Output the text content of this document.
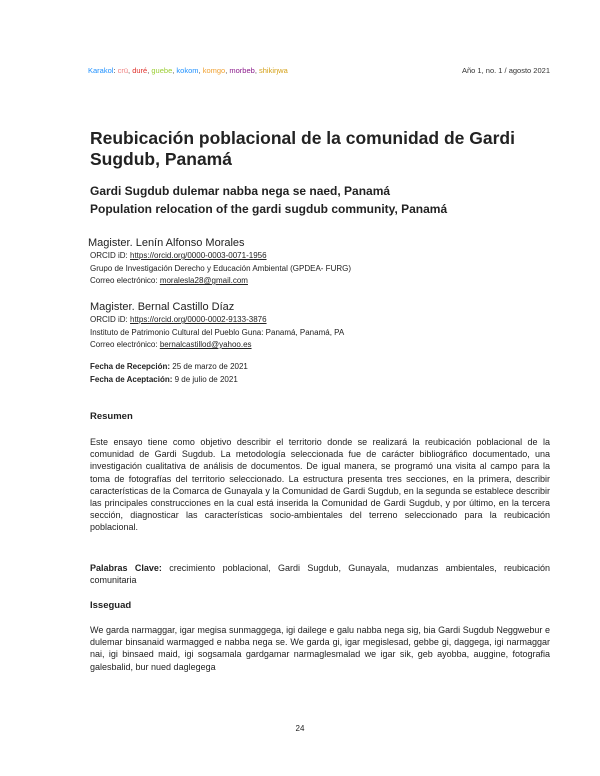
Karakol: crü, duré, guebe, kokom, komgo, morbeb, shikiŋwa	Año 1, no. 1 / agosto 2021
Reubicación poblacional de la comunidad de Gardi Sugdub, Panamá
Gardi Sugdub dulemar nabba nega se naed, Panamá
Population relocation of the gardi sugdub community, Panamá
Magister. Lenín Alfonso Morales
ORCID iD: https://orcid.org/0000-0003-0071-1956
Grupo de Investigación Derecho y Educación Ambiental (GPDEA- FURG)
Correo electrónico: moralesla28@gmail.com
Magister. Bernal Castillo Díaz
ORCID iD: https://orcid.org/0000-0002-9133-3876
Instituto de Patrimonio Cultural del Pueblo Guna: Panamá, Panamá, PA
Correo electrónico: bernalcastillod@yahoo.es
Fecha de Recepción: 25 de marzo de 2021
Fecha de Aceptación: 9 de julio de 2021
Resumen
Este ensayo tiene como objetivo describir el territorio donde se realizará la reubicación poblacional de la comunidad de Gardi Sugdub. La metodología seleccionada fue de carácter bibliográfico documentado, una investigación cualitativa de análisis de documentos. De igual manera, se programó una visita al campo para la toma de fotografías del territorio seleccionado. La estructura presenta tres secciones, en la primera, describir características de la Comarca de Gunayala y la Comunidad de Gardi Sugdub, en la segunda se establece describir las principales construcciones en la cual está inserida la Comunidad de Gardi Sugdub, y por último, en la tercera sección, diagnosticar las características socio-ambientales del terreno seleccionado para la reubicación poblacional.
Palabras Clave: crecimiento poblacional, Gardi Sugdub, Gunayala, mudanzas ambientales, reubicación comunitaria
Isseguad
We garda narmaggar, igar megisa sunmaggega, igi dailege e galu nabba nega sig, bia Gardi Sugdub Neggwebur e dulemar binsanaid warmagged e nabba nega se. We garda gi, igar megislesad, gebbe gi, daggega, igi narmaggar nai, igi binsaed maid, igi sogsamala gardgamar narmaglesmalad we igar sik, geb ayobba, auggine, fotografia galesbalid, bur nued daglegega
24
